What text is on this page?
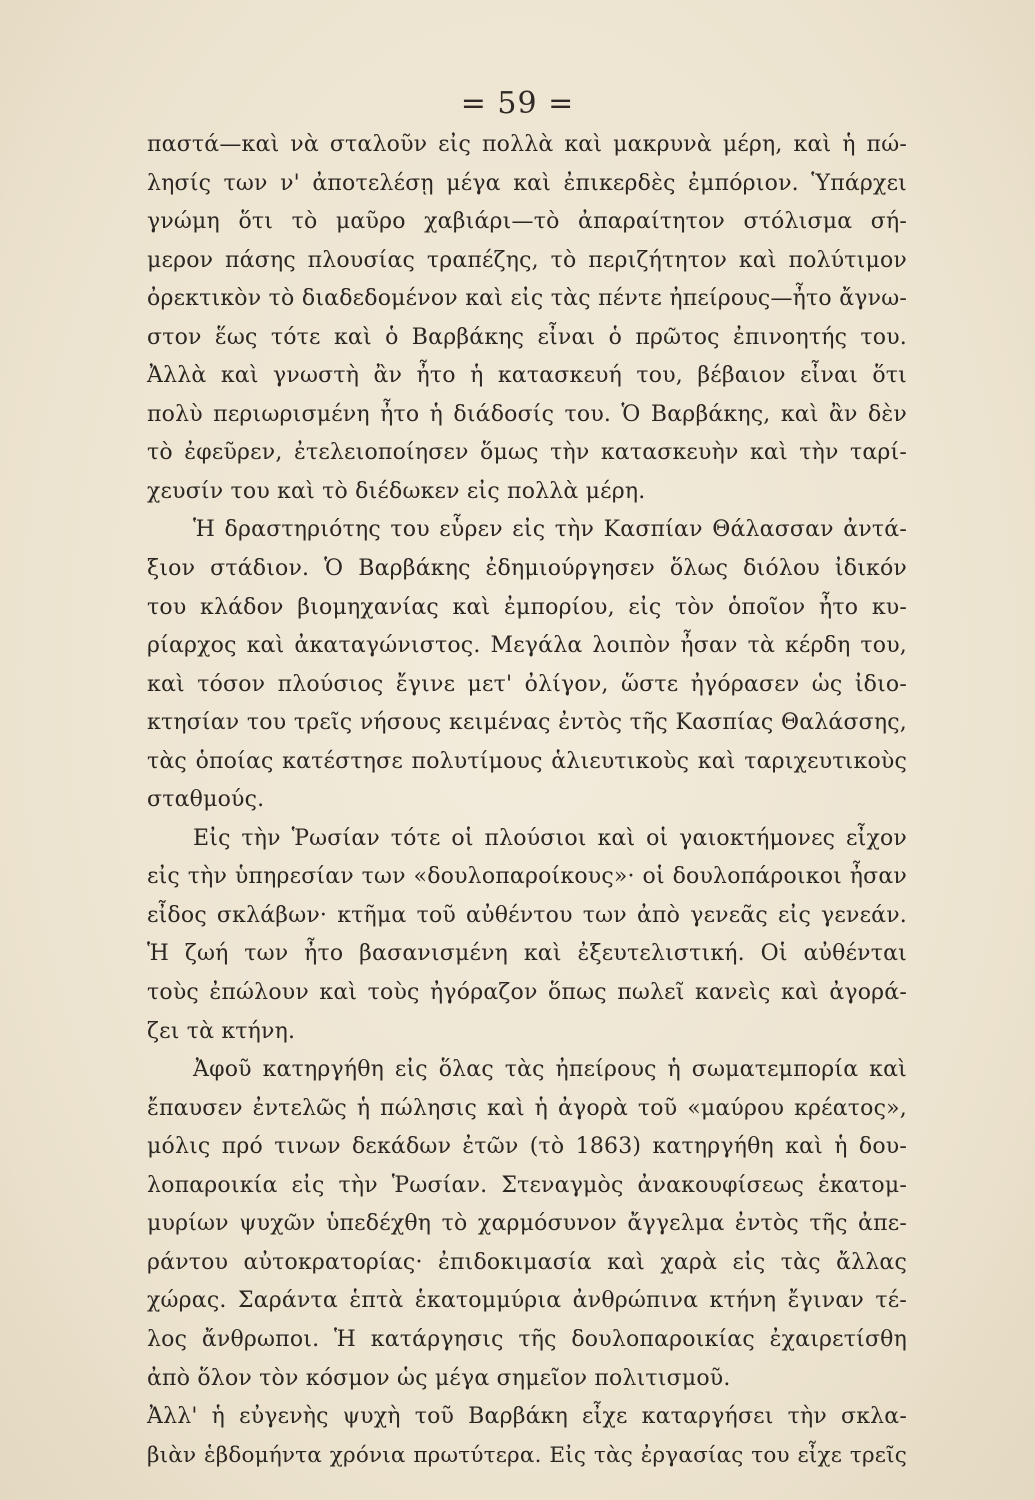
= 59 =
παστά—καὶ νὰ σταλοῦν εἰς πολλὰ καὶ μακρυνὰ μέρη, καὶ ἡ πώ-
λησίς των ν' ἀποτελέσῃ μέγα καὶ ἐπικερδὲς ἐμπόριον. Ὑπάρχει
γνώμη ὅτι τὸ μαῦρο χαβιάρι—τὸ ἀπαραίτητον στόλισμα σή-
μερον πάσης πλουσίας τραπέζης, τὸ περιζήτητον καὶ πολύτιμον
ὀρεκτικὸν τὸ διαδεδομένον καὶ εἰς τὰς πέντε ἠπείρους—ἦτο ἄγνω-
στον ἕως τότε καὶ ὁ Βαρβάκης εἶναι ὁ πρῶτος ἐπινοητής του.
Ἀλλὰ καὶ γνωστὴ ἂν ἦτο ἡ κατασκευή του, βέβαιον εἶναι ὅτι
πολὺ περιωρισμένη ἦτο ἡ διάδοσίς του. Ὁ Βαρβάκης, καὶ ἂν δὲν
τὸ ἐφεῦρεν, ἐτελειοποίησεν ὅμως τὴν κατασκευὴν καὶ τὴν ταρί-
χευσίν του καὶ τὸ διέδωκεν εἰς πολλὰ μέρη.
Ἡ δραστηριότης του εὗρεν εἰς τὴν Κασπίαν Θάλασσαν ἀντά-
ξιον στάδιον. Ὁ Βαρβάκης ἐδημιούργησεν ὅλως διόλου ἰδικόν
του κλάδον βιομηχανίας καὶ ἐμπορίου, εἰς τὸν ὁποῖον ἦτο κυ-
ρίαρχος καὶ ἀκαταγώνιστος. Μεγάλα λοιπὸν ἦσαν τὰ κέρδη του,
καὶ τόσον πλούσιος ἔγινε μετ' ὀλίγον, ὥστε ἠγόρασεν ὡς ἰδιο-
κτησίαν του τρεῖς νήσους κειμένας ἐντὸς τῆς Κασπίας Θαλάσσης,
τὰς ὁποίας κατέστησε πολυτίμους ἁλιευτικοὺς καὶ ταριχευτικοὺς
σταθμούς.
Εἰς τὴν Ῥωσίαν τότε οἱ πλούσιοι καὶ οἱ γαιοκτήμονες εἶχον
εἰς τὴν ὑπηρεσίαν των «δουλοπαροίκους»· οἱ δουλοπάροικοι ἦσαν
εἶδος σκλάβων· κτῆμα τοῦ αὐθέντου των ἀπὸ γενεᾶς εἰς γενεάν.
Ἡ ζωή των ἦτο βασανισμένη καὶ ἐξευτελιστική. Οἱ αὐθένται
τοὺς ἐπώλουν καὶ τοὺς ἠγόραζον ὅπως πωλεῖ κανεὶς καὶ ἀγορά-
ζει τὰ κτήνη.
Ἀφοῦ κατηργήθη εἰς ὅλας τὰς ἠπείρους ἡ σωματεμπορία καὶ
ἔπαυσεν ἐντελῶς ἡ πώλησις καὶ ἡ ἀγορὰ τοῦ «μαύρου κρέατος»,
μόλις πρό τινων δεκάδων ἐτῶν (τὸ 1863) κατηργήθη καὶ ἡ δου-
λοπαροικία εἰς τὴν Ῥωσίαν. Στεναγμὸς ἀνακουφίσεως ἑκατομ-
μυρίων ψυχῶν ὑπεδέχθη τὸ χαρμόσυνον ἄγγελμα ἐντὸς τῆς ἀπε-
ράντου αὐτοκρατορίας· ἐπιδοκιμασία καὶ χαρὰ εἰς τὰς ἄλλας
χώρας. Σαράντα ἑπτὰ ἑκατομμύρια ἀνθρώπινα κτήνη ἔγιναν τέ-
λος ἄνθρωποι. Ἡ κατάργησις τῆς δουλοπαροικίας ἐχαιρετίσθη
ἀπὸ ὅλον τὸν κόσμον ὡς μέγα σημεῖον πολιτισμοῦ.
Ἀλλ' ἡ εὐγενὴς ψυχὴ τοῦ Βαρβάκη εἶχε καταργήσει τὴν σκλα-
βιὰν ἑβδομήντα χρόνια πρωτύτερα. Εἰς τὰς ἐργασίας του εἶχε τρεῖς
